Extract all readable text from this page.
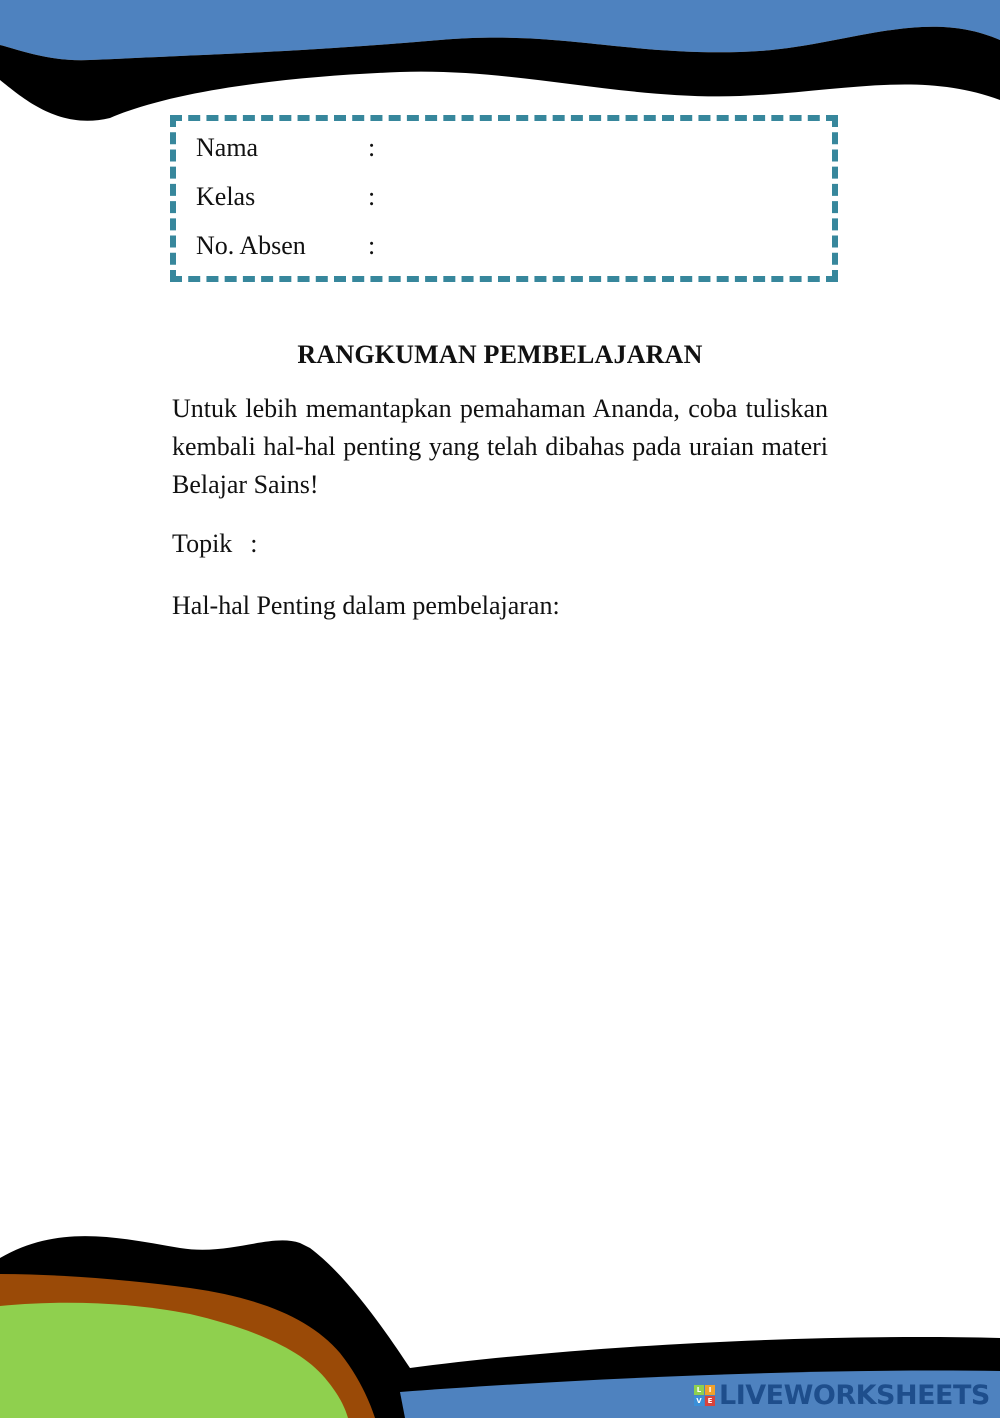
Nama	:
Kelas	:
No. Absen :
RANGKUMAN PEMBELAJARAN

Untuk lebih memantapkan pemahaman Ananda, coba tuliskan kembali hal-hal penting yang telah dibahas pada uraian materi Belajar Sains!

Topik :
Hal-hal Penting dalam pembelajaran:
L	I
V E LIVEWORKSHEETS
